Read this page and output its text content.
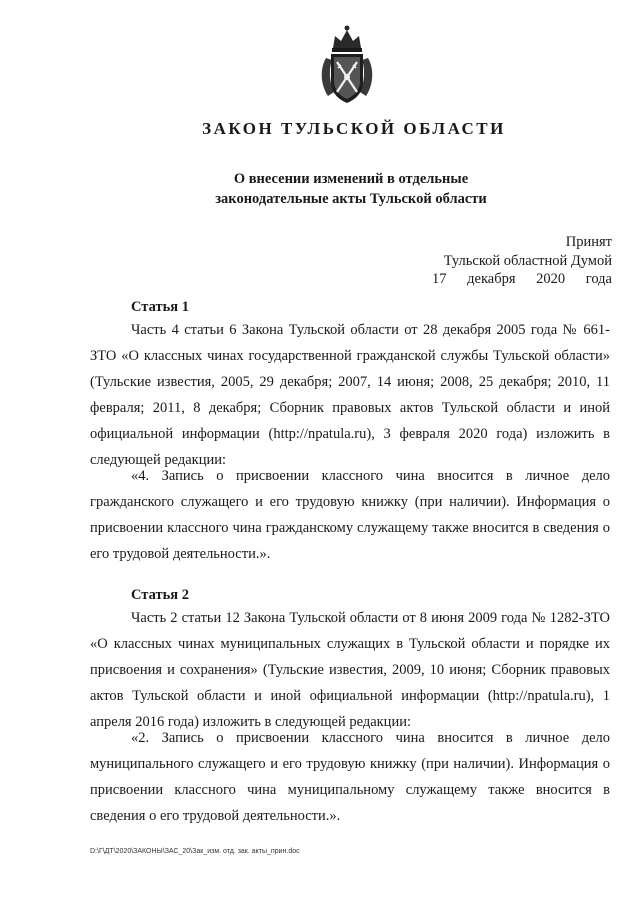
ЗАКОН ТУЛЬСКОЙ ОБЛАСТИ
О внесении изменений в отдельные
законодательные акты Тульской области
Принят
Тульской областной Думой
17 декабря 2020 года
Статья 1
Часть 4 статьи 6 Закона Тульской области от 28 декабря 2005 года № 661-ЗТО «О классных чинах государственной гражданской службы Тульской области» (Тульские известия, 2005, 29 декабря; 2007, 14 июня; 2008, 25 декабря; 2010, 11 февраля; 2011, 8 декабря; Сборник правовых актов Тульской области и иной официальной информации (http://npatula.ru), 3 февраля 2020 года) изложить в следующей редакции:
«4. Запись о присвоении классного чина вносится в личное дело гражданского служащего и его трудовую книжку (при наличии). Информация о присвоении классного чина гражданскому служащему также вносится в сведения о его трудовой деятельности.».
Статья 2
Часть 2 статьи 12 Закона Тульской области от 8 июня 2009 года № 1282-ЗТО «О классных чинах муниципальных служащих в Тульской области и порядке их присвоения и сохранения» (Тульские известия, 2009, 10 июня; Сборник правовых актов Тульской области и иной официальной информации (http://npatula.ru), 1 апреля 2016 года) изложить в следующей редакции:
«2. Запись о присвоении классного чина вносится в личное дело муниципального служащего и его трудовую книжку (при наличии). Информация о присвоении классного чина муниципальному служащему также вносится в сведения о его трудовой деятельности.».
D:\Г\ДТ\2020\ЗАКОНЫ\ЗАС_20\Зак_изм. отд. зак. акты_прин.doc
